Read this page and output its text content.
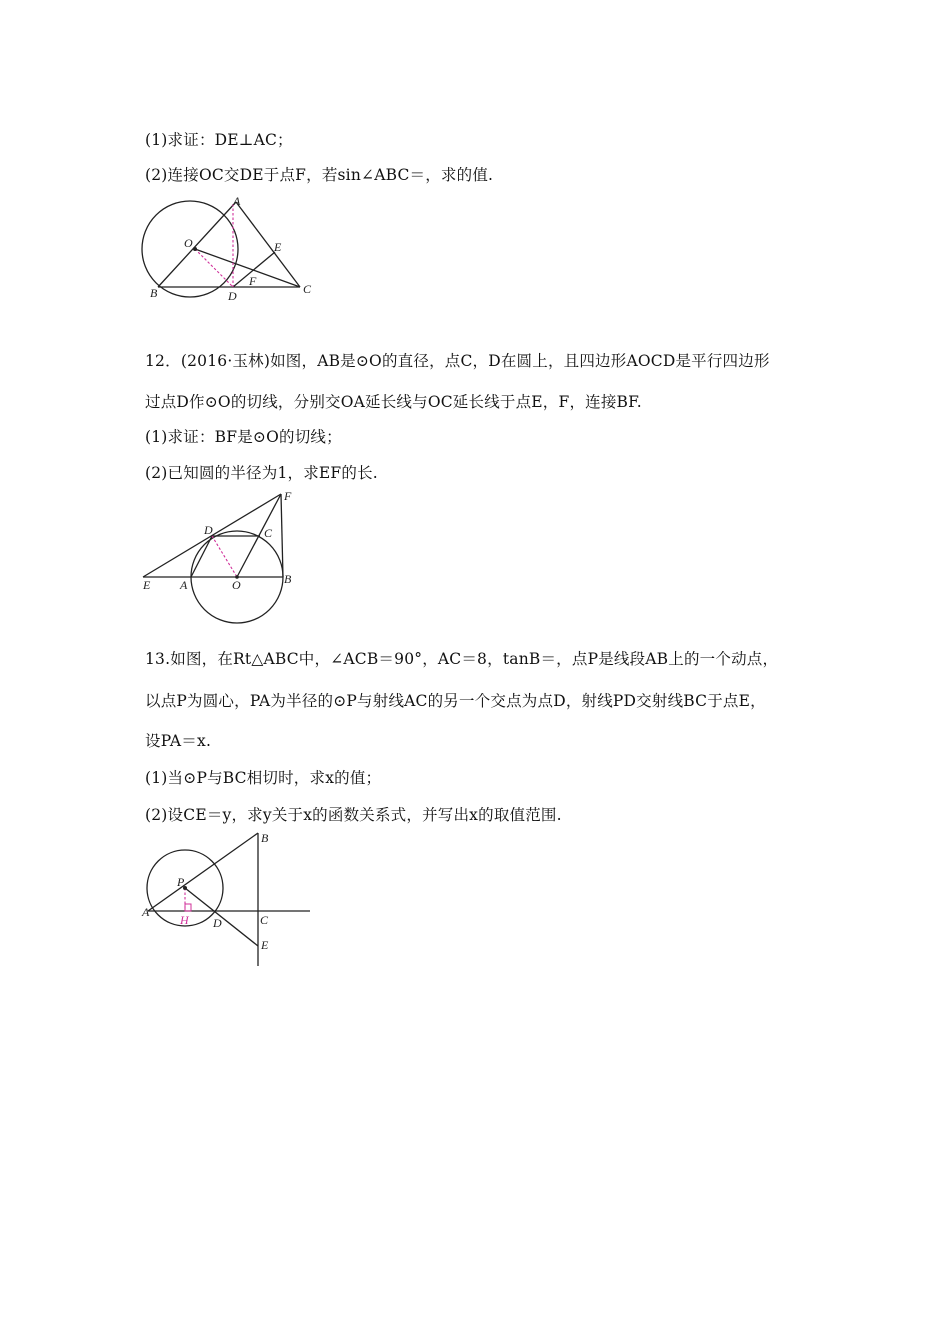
(1)求证：DE⊥AC；
(2)连接OC交DE于点F，若sin∠ABC＝，求的值.
A
O	E
F
B	D	C
12．(2016·玉林)如图，AB是⊙O的直径，点C，D在圆上，且四边形AOCD是平行四边形
过点D作⊙O的切线，分别交OA延长线与OC延长线于点E，F，连接BF.
(1)求证：BF是⊙O的切线；
(2)已知圆的半径为1，求EF的长.
F
D	C
E A	O	B
13.如图，在Rt△ABC中，∠ACB＝90°，AC＝8，tanB＝，点P是线段AB上的一个动点，
以点P为圆心，PA为半径的⊙P与射线AC的另一个交点为点D，射线PD交射线BC于点E，
设PA＝x.
(1)当⊙P与BC相切时，求x的值；
(2)设CE＝y，求y关于x的函数关系式，并写出x的取值范围.
B
P
A
H D	C
E
